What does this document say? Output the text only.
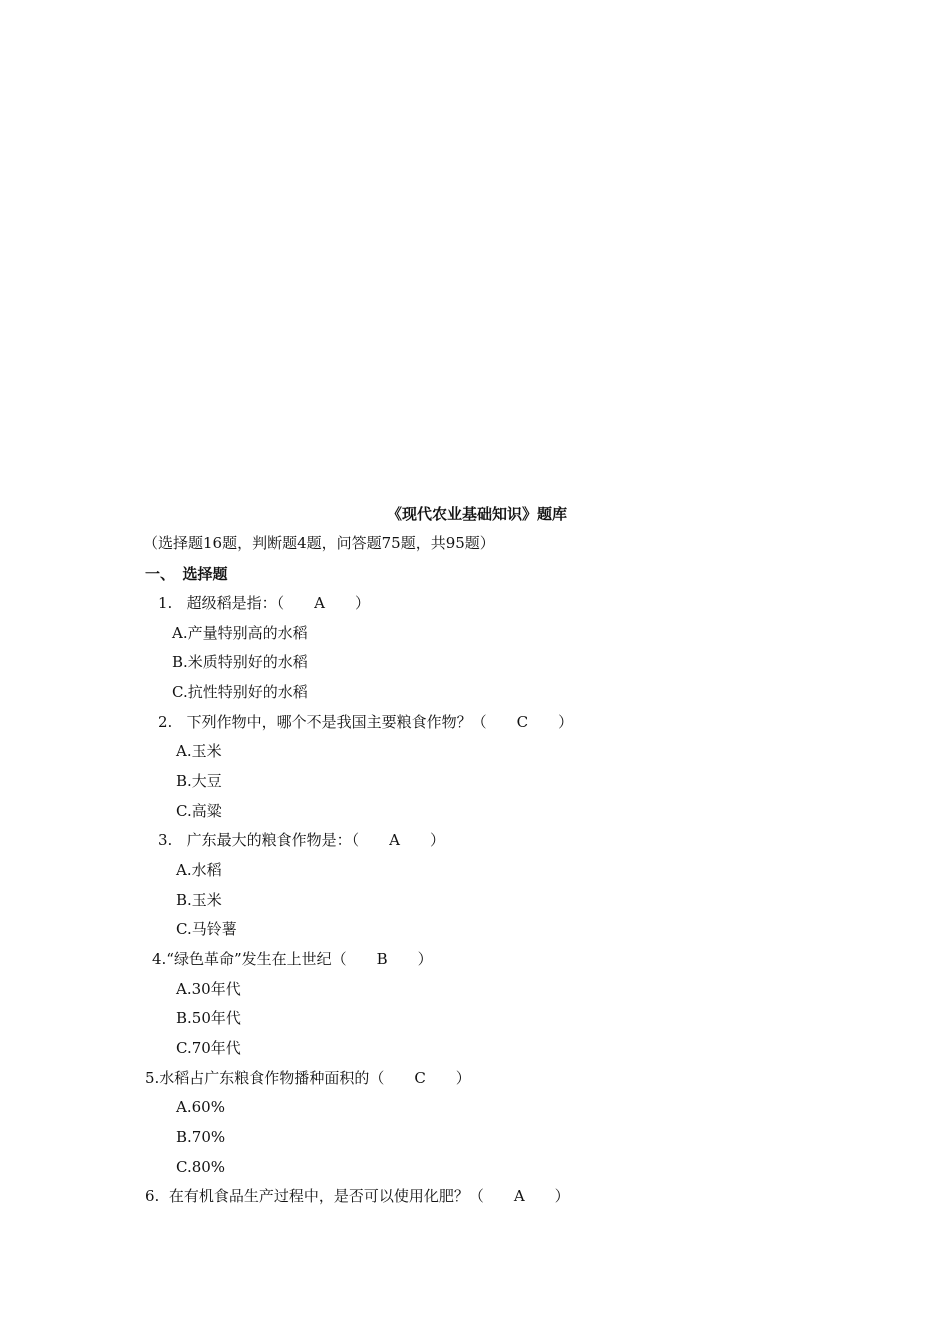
《现代农业基础知识》题库
（选择题16题，判断题4题，问答题75题，共95题）
一、　选择题
1.   超级稻是指：（　　A　　）
A.产量特别高的水稻
B.米质特别好的水稻
C.抗性特别好的水稻
2.   下列作物中，哪个不是我国主要粮食作物？（　　C　　）
A.玉米
B.大豆
C.高粱
3.   广东最大的粮食作物是：（　　A　　）
A.水稻
B.玉米
C.马铃薯
4.“绿色革命”发生在上世纪（　　B　　）
A.30年代
B.50年代
C.70年代
5.水稻占广东粮食作物播种面积的（　　C　　）
A.60%
B.70%
C.80%
6.  在有机食品生产过程中，是否可以使用化肥？（　　A　　）
